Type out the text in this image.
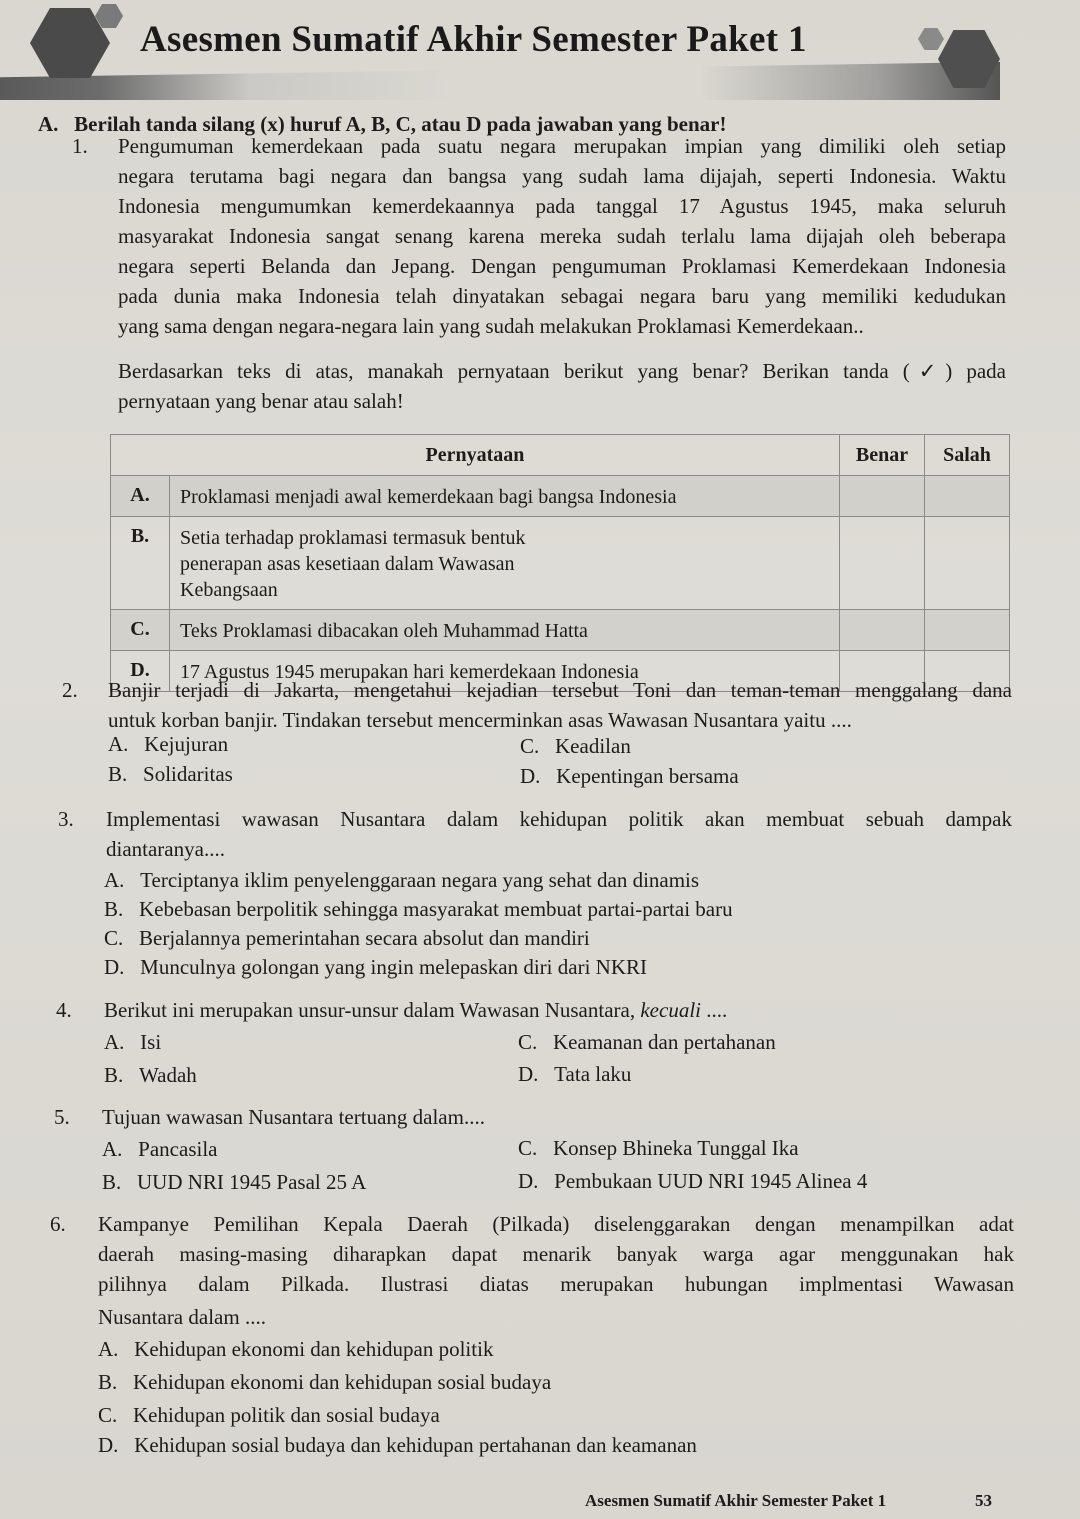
Asesmen Sumatif Akhir Semester Paket 1
A.   Berilah tanda silang (x) huruf A, B, C, atau D pada jawaban yang benar!
1. Pengumuman kemerdekaan pada suatu negara merupakan impian yang dimiliki oleh setiap
negara terutama bagi negara dan bangsa yang sudah lama dijajah, seperti Indonesia. Waktu
Indonesia mengumumkan kemerdekaannya pada tanggal 17 Agustus 1945, maka seluruh
masyarakat Indonesia sangat senang karena mereka sudah terlalu lama dijajah oleh beberapa
negara seperti Belanda dan Jepang. Dengan pengumuman Proklamasi Kemerdekaan Indonesia
pada dunia maka Indonesia telah dinyatakan sebagai negara baru yang memiliki kedudukan
yang sama dengan negara-negara lain yang sudah melakukan Proklamasi Kemerdekaan..
Berdasarkan teks di atas, manakah pernyataan berikut yang benar? Berikan tanda (✓) pada
pernyataan yang benar atau salah!
Pernyataan		Benar	Salah
A.	Proklamasi menjadi awal kemerdekaan bagi bangsa Indonesia		
B.	Setia terhadap proklamasi termasuk bentuk penerapan asas kesetiaan dalam Wawasan Kebangsaan		
C.	Teks Proklamasi dibacakan oleh Muhammad Hatta		
D.	17 Agustus 1945 merupakan hari kemerdekaan Indonesia		
2. Banjir terjadi di Jakarta, mengetahui kejadian tersebut Toni dan teman-teman menggalang dana
untuk korban banjir. Tindakan tersebut mencerminkan asas Wawasan Nusantara yaitu ....
A. Kejujuran
B. Solidaritas
C. Keadilan
D. Kepentingan bersama
3. Implementasi wawasan Nusantara dalam kehidupan politik akan membuat sebuah dampak
diantaranya....
A. Terciptanya iklim penyelenggaraan negara yang sehat dan dinamis
B. Kebebasan berpolitik sehingga masyarakat membuat partai-partai baru
C. Berjalannya pemerintahan secara absolut dan mandiri
D. Munculnya golongan yang ingin melepaskan diri dari NKRI
4. Berikut ini merupakan unsur-unsur dalam Wawasan Nusantara, kecuali ....
A. Isi
B. Wadah
C. Keamanan dan pertahanan
D. Tata laku
5. Tujuan wawasan Nusantara tertuang dalam....
A. Pancasila
B. UUD NRI 1945 Pasal 25 A
C. Konsep Bhineka Tunggal Ika
D. Pembukaan UUD NRI 1945 Alinea 4
6. Kampanye Pemilihan Kepala Daerah (Pilkada) diselenggarakan dengan menampilkan adat
daerah masing-masing diharapkan dapat menarik banyak warga agar menggunakan hak
pilihnya dalam Pilkada. Ilustrasi diatas merupakan hubungan implmentasi Wawasan
Nusantara dalam ....
A. Kehidupan ekonomi dan kehidupan politik
B. Kehidupan ekonomi dan kehidupan sosial budaya
C. Kehidupan politik dan sosial budaya
D. Kehidupan sosial budaya dan kehidupan pertahanan dan keamanan
Asesmen Sumatif Akhir Semester Paket 1	53
